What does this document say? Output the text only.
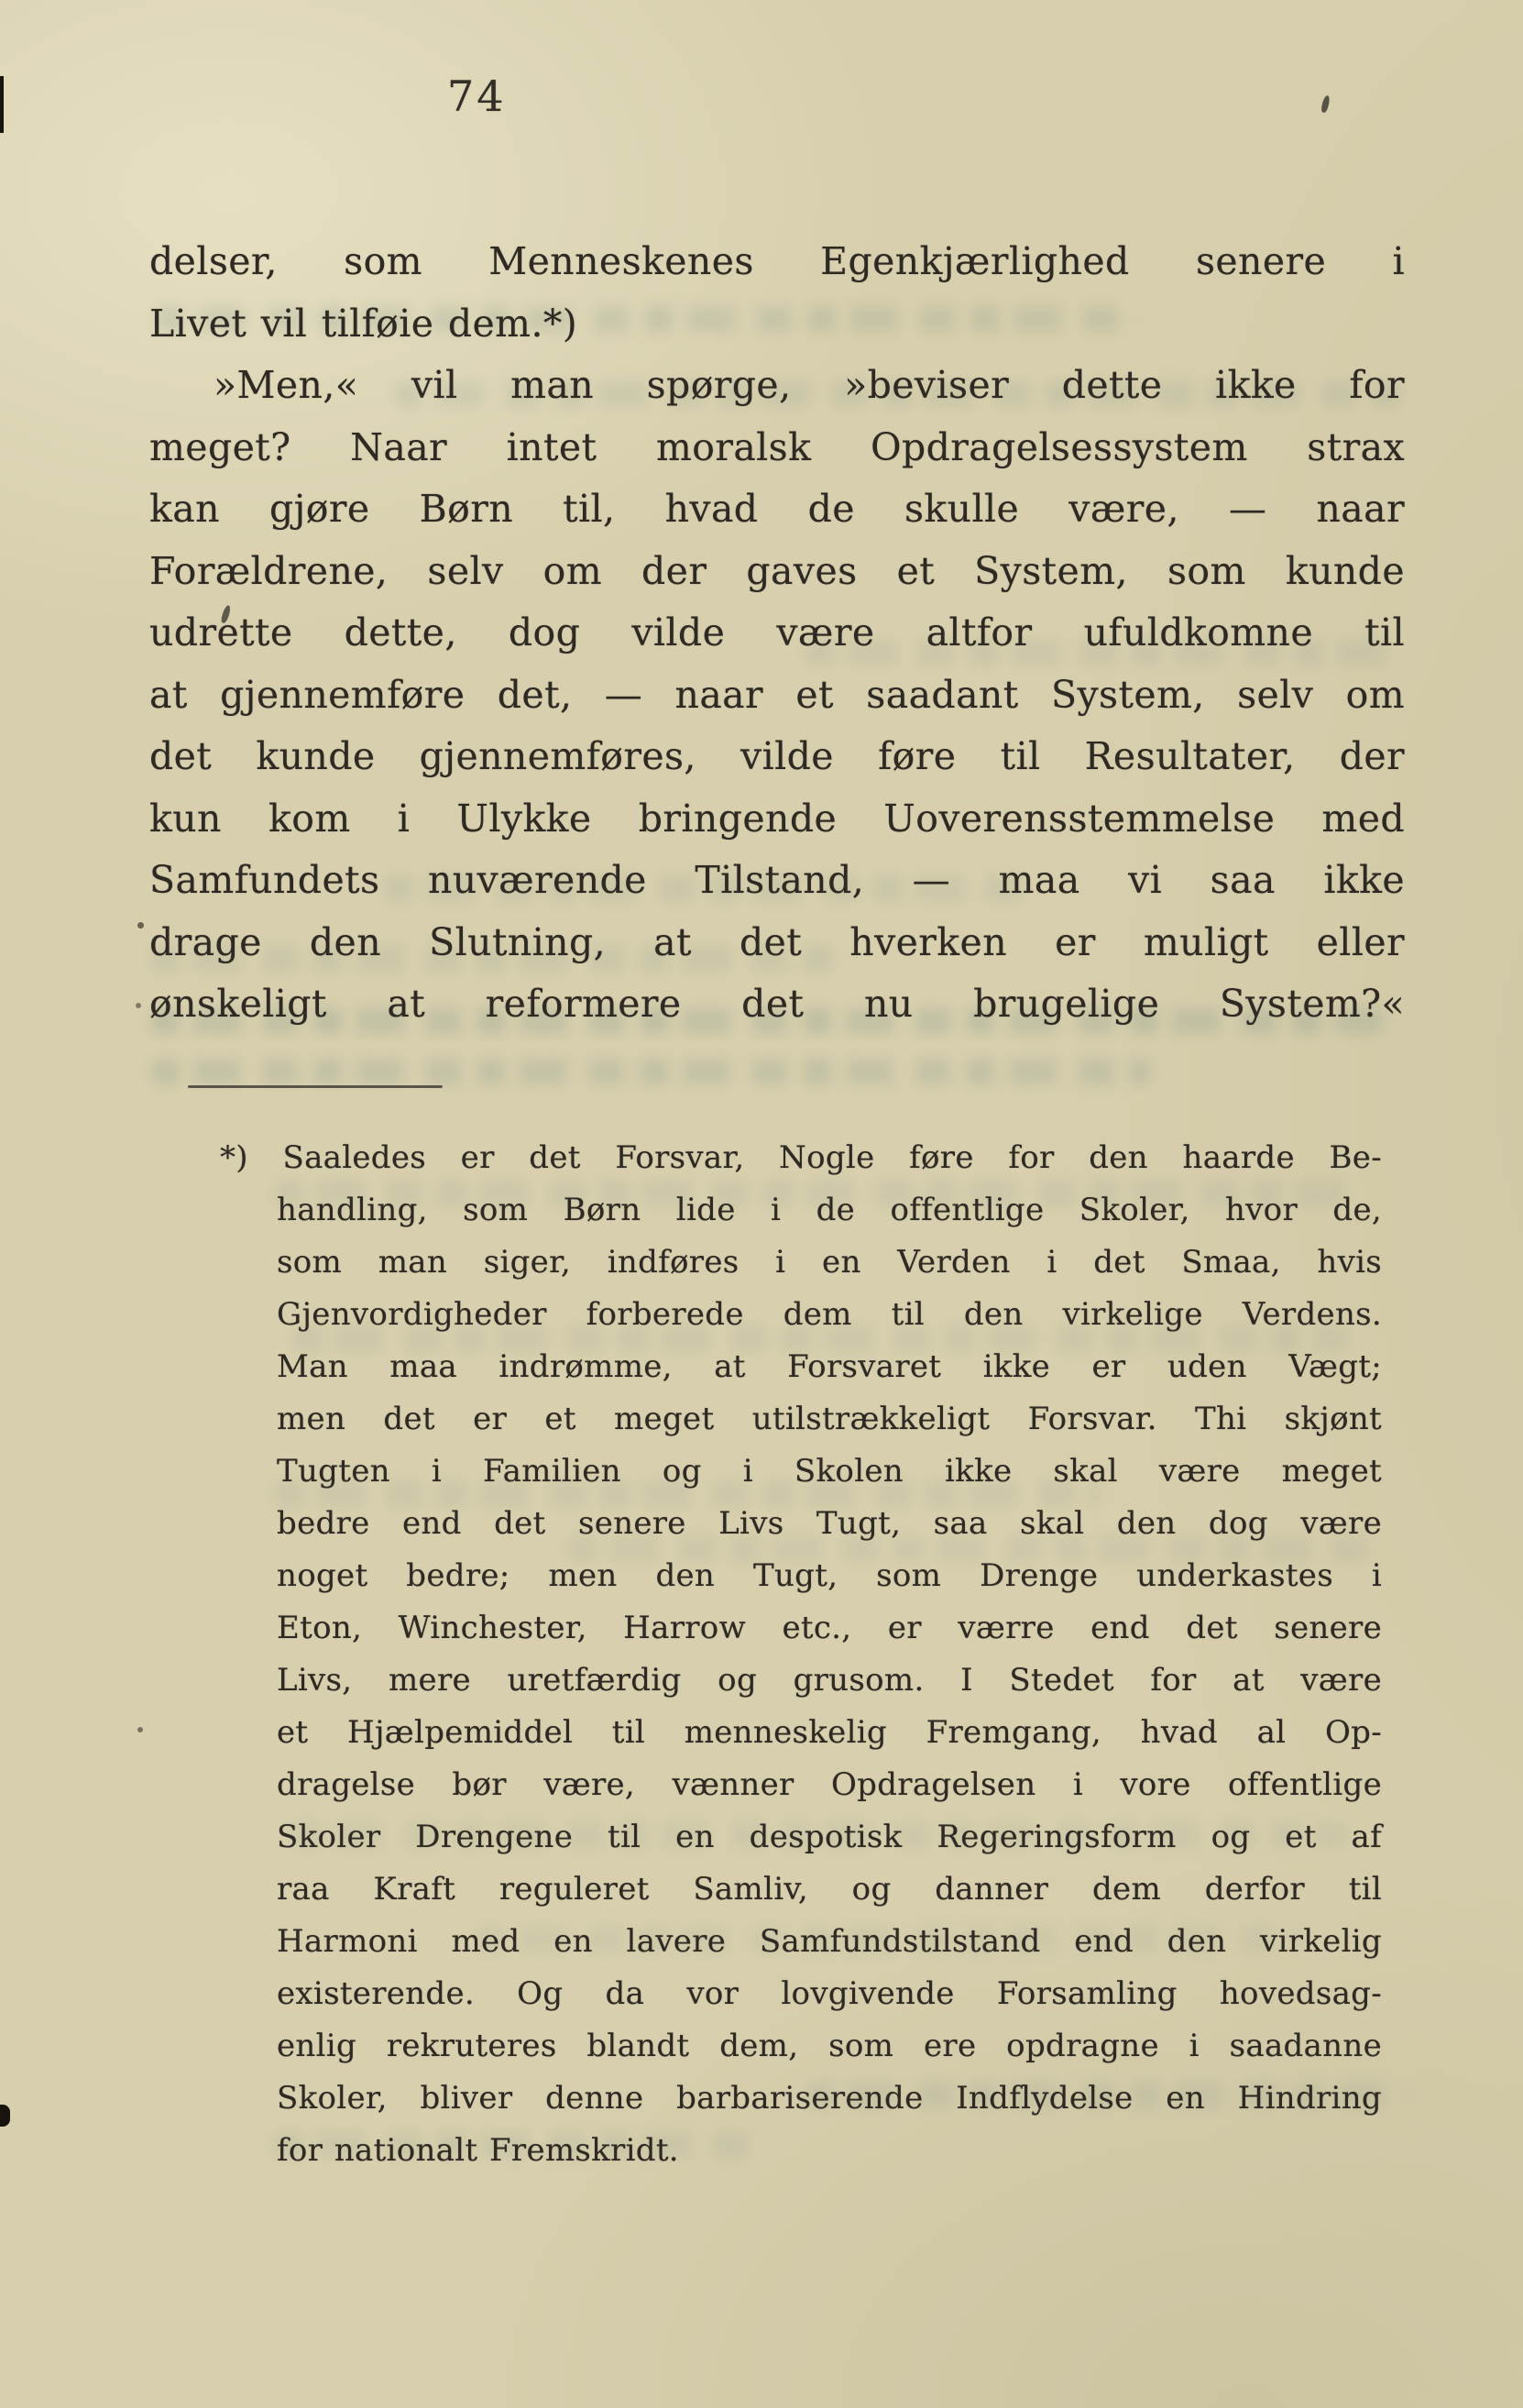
74
delser, som Menneskenes Egenkjærlighed senere i
Livet vil tilføie dem.*)
»Men,« vil man spørge, »beviser dette ikke for
meget? Naar intet moralsk Opdragelsessystem strax
kan gjøre Børn til, hvad de skulle være, — naar
Forældrene, selv om der gaves et System, som kunde
udrette dette, dog vilde være altfor ufuldkomne til
at gjennemføre det, — naar et saadant System, selv om
det kunde gjennemføres, vilde føre til Resultater, der
kun kom i Ulykke bringende Uoverensstemmelse med
Samfundets nuværende Tilstand, — maa vi saa ikke
drage den Slutning, at det hverken er muligt eller
ønskeligt at reformere det nu brugelige System?«
*) Saaledes er det Forsvar, Nogle føre for den haarde Be-
handling, som Børn lide i de offentlige Skoler, hvor de,
som man siger, indføres i en Verden i det Smaa, hvis
Gjenvordigheder forberede dem til den virkelige Verdens.
Man maa indrømme, at Forsvaret ikke er uden Vægt;
men det er et meget utilstrækkeligt Forsvar. Thi skjønt
Tugten i Familien og i Skolen ikke skal være meget
bedre end det senere Livs Tugt, saa skal den dog være
noget bedre; men den Tugt, som Drenge underkastes i
Eton, Winchester, Harrow etc., er værre end det senere
Livs, mere uretfærdig og grusom. I Stedet for at være
et Hjælpemiddel til menneskelig Fremgang, hvad al Op-
dragelse bør være, vænner Opdragelsen i vore offentlige
Skoler Drengene til en despotisk Regeringsform og et af
raa Kraft reguleret Samliv, og danner dem derfor til
Harmoni med en lavere Samfundstilstand end den virkelig
existerende. Og da vor lovgivende Forsamling hovedsag-
enlig rekruteres blandt dem, som ere opdragne i saadanne
Skoler, bliver denne barbariserende Indflydelse en Hindring
for nationalt Fremskridt.
